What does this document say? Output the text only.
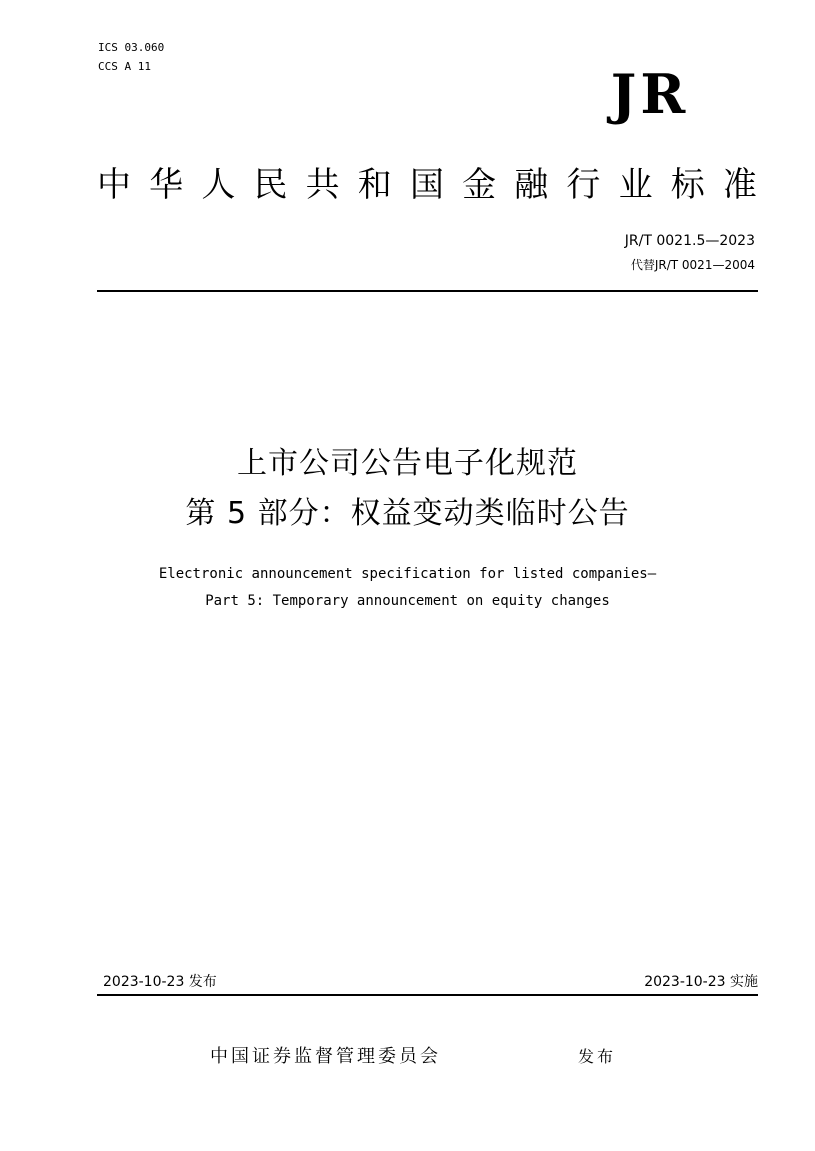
ICS 03.060
CCS A 11	JR
中 华 人 民 共 和 国 金 融 行 业 标 准
JR/T 0021.5—2023
代替JR/T 0021—2004
上市公司公告电子化规范
第 5 部分：权益变动类临时公告
Electronic announcement specification for listed companies—
Part 5: Temporary announcement on equity changes
2023-10-23 发布	2023-10-23 实施
中国证券监督管理委员会	发布
